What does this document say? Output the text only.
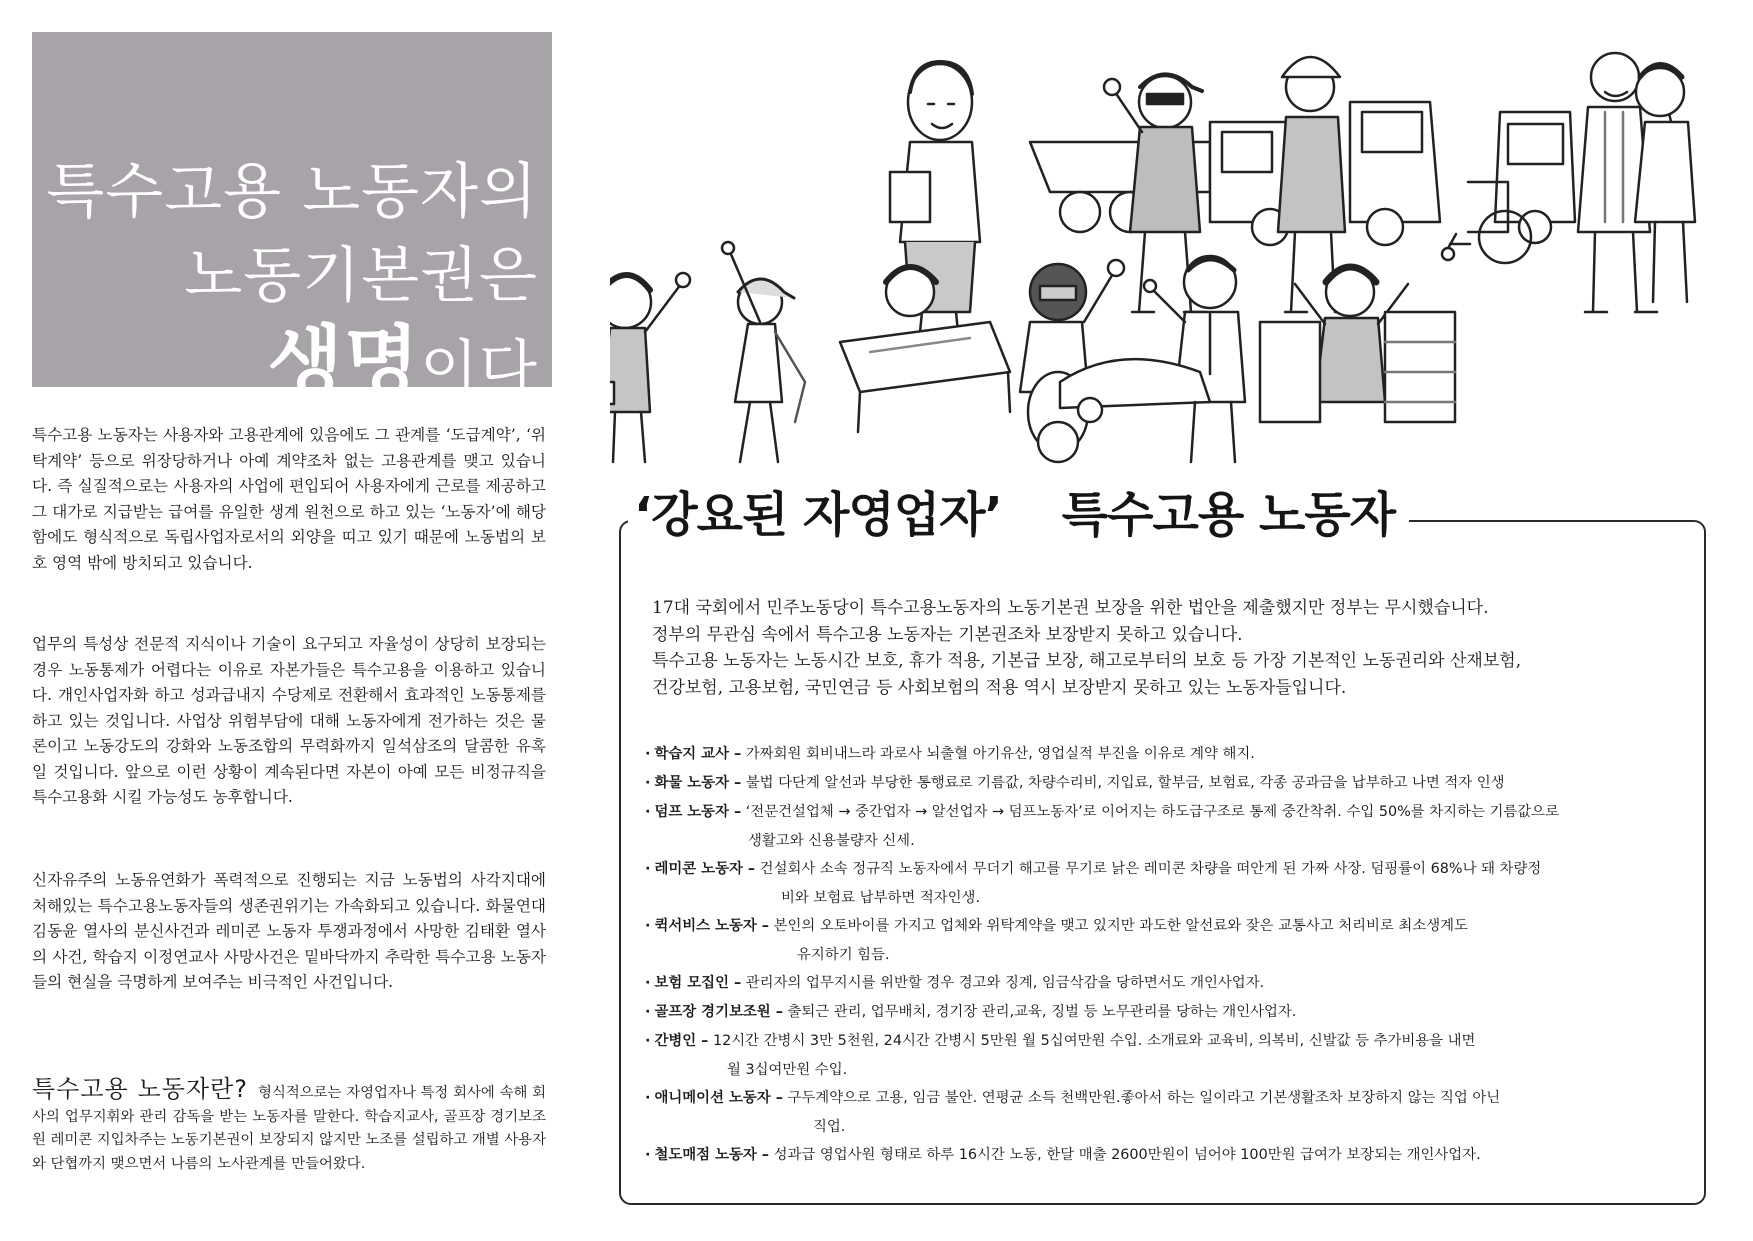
특수고용 노동자의
노동기본권은
생명이다

특수고용 노동자는 사용자와 고용관계에 있음에도 그 관계를 ‘도급계약’, ‘위탁계약’ 등으로 위장당하거나 아예 계약조차 없는 고용관계를 맺고 있습니다. 즉 실질적으로는 사용자의 사업에 편입되어 사용자에게 근로를 제공하고 그 대가로 지급받는 급여를 유일한 생계 원천으로 하고 있는 ‘노동자’에 해당함에도 형식적으로 독립사업자로서의 외양을 띠고 있기 때문에 노동법의 보호 영역 밖에 방치되고 있습니다.

업무의 특성상 전문적 지식이나 기술이 요구되고 자율성이 상당히 보장되는 경우 노동통제가 어렵다는 이유로 자본가들은 특수고용을 이용하고 있습니다. 개인사업자화 하고 성과급내지 수당제로 전환해서 효과적인 노동통제를 하고 있는 것입니다. 사업상 위험부담에 대해 노동자에게 전가하는 것은 물론이고 노동강도의 강화와 노동조합의 무력화까지 일석삼조의 달콤한 유혹일 것입니다. 앞으로 이런 상황이 계속된다면 자본이 아예 모든 비정규직을 특수고용화 시킬 가능성도 농후합니다.

신자유주의 노동유연화가 폭력적으로 진행되는 지금 노동법의 사각지대에 처해있는 특수고용노동자들의 생존권위기는 가속화되고 있습니다. 화물연대 김동윤 열사의 분신사건과 레미콘 노동자 투쟁과정에서 사망한 김태환 열사의 사건, 학습지 이정연교사 사망사건은 밑바닥까지 추락한 특수고용 노동자들의 현실을 극명하게 보여주는 비극적인 사건입니다.

특수고용 노동자란? 형식적으로는 자영업자나 특정 회사에 속해 회사의 업무지휘와 관리 감독을 받는 노동자를 말한다. 학습지교사, 골프장 경기보조원 레미콘 지입차주는 노동기본권이 보장되지 않지만 노조를 설립하고 개별 사용자와 단협까지 맺으면서 나름의 노사관계를 만들어왔다.

‘강요된 자영업자’ 특수고용 노동자
17대 국회에서 민주노동당이 특수고용노동자의 노동기본권 보장을 위한 법안을 제출했지만 정부는 무시했습니다.
정부의 무관심 속에서 특수고용 노동자는 기본권조차 보장받지 못하고 있습니다.
특수고용 노동자는 노동시간 보호, 휴가 적용, 기본급 보장, 해고로부터의 보호 등 가장 기본적인 노동권리와 산재보험,
건강보험, 고용보험, 국민연금 등 사회보험의 적용 역시 보장받지 못하고 있는 노동자들입니다.
· 학습지 교사 – 가짜회원 회비내느라 과로사 뇌출혈 아기유산, 영업실적 부진을 이유로 계약 해지.
· 화물 노동자 – 불법 다단계 알선과 부당한 통행료로 기름값, 차량수리비, 지입료, 할부금, 보험료, 각종 공과금을 납부하고 나면 적자 인생
· 덤프 노동자 – ‘전문건설업체 → 중간업자 → 알선업자 → 덤프노동자’로 이어지는 하도급구조로 통제 중간착취. 수입 50%를 차지하는 기름값으로
생활고와 신용불량자 신세.
· 레미콘 노동자 – 건설회사 소속 정규직 노동자에서 무더기 해고를 무기로 낡은 레미콘 차량을 떠안게 된 가짜 사장. 덤핑률이 68%나 돼 차량정
비와 보험료 납부하면 적자인생.
· 퀵서비스 노동자 – 본인의 오토바이를 가지고 업체와 위탁계약을 맺고 있지만 과도한 알선료와 잦은 교통사고 처리비로 최소생계도
유지하기 힘듬.
· 보험 모집인 – 관리자의 업무지시를 위반할 경우 경고와 징계, 임금삭감을 당하면서도 개인사업자.
· 골프장 경기보조원 – 출퇴근 관리, 업무배치, 경기장 관리,교육, 징벌 등 노무관리를 당하는 개인사업자.
· 간병인 – 12시간 간병시 3만 5천원, 24시간 간병시 5만원 월 5십여만원 수입. 소개료와 교육비, 의복비, 신발값 등 추가비용을 내면
월 3십여만원 수입.
· 애니메이션 노동자 – 구두계약으로 고용, 임금 불안. 연평균 소득 천백만원.좋아서 하는 일이라고 기본생활조차 보장하지 않는 직업 아닌
직업.
· 철도매점 노동자 – 성과급 영업사원 형태로 하루 16시간 노동, 한달 매출 2600만원이 넘어야 100만원 급여가 보장되는 개인사업자.
